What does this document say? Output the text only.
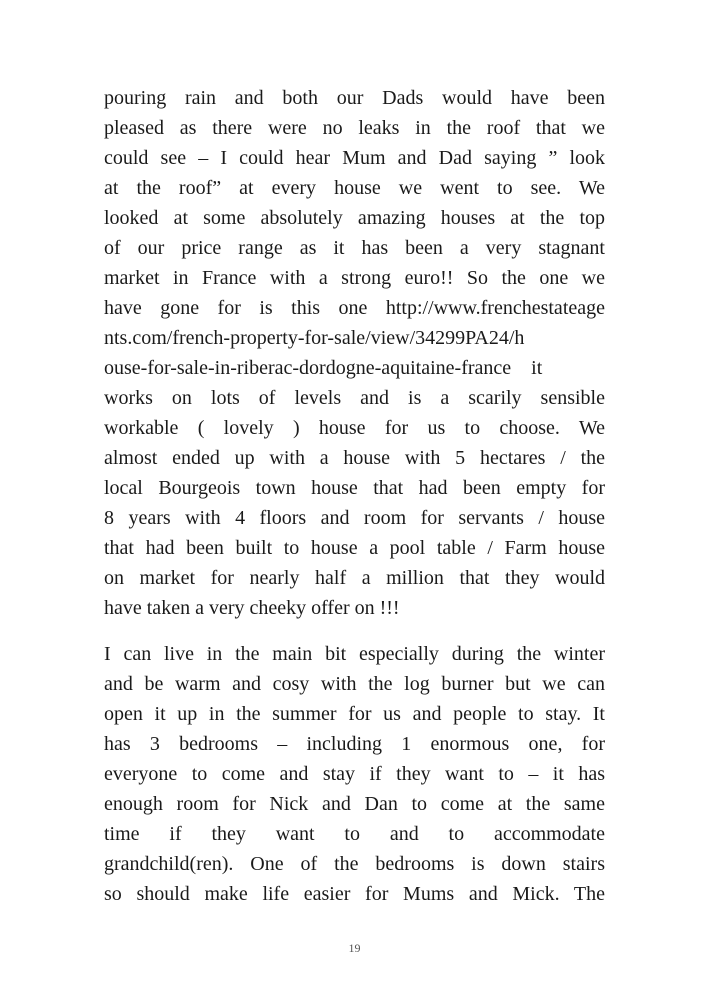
pouring rain and both our Dads would have been
pleased as there were no leaks in the roof that we
could see – I could hear Mum and Dad saying ” look
at the roof” at every house we went to see. We
looked at some absolutely amazing houses at the top
of our price range as it has been a very stagnant
market in France with a strong euro!! So the one we
have gone for is this one http://www.frenchestateage
nts.com/french-property-for-sale/view/34299PA24/h
ouse-for-sale-in-riberac-dordogne-aquitaine-france    it
works on lots of levels and is a scarily sensible
workable ( lovely ) house for us to choose. We
almost ended up with a house with 5 hectares / the
local Bourgeois town house that had been empty for
8 years with 4 floors and room for servants / house
that had been built to house a pool table / Farm house
on market for nearly half a million that they would
have taken a very cheeky offer on !!!
I can live in the main bit especially during the winter
and be warm and cosy with the log burner but we can
open it up in the summer for us and people to stay. It
has 3 bedrooms – including 1 enormous one, for
everyone to come and stay if they want to – it has
enough room for Nick and Dan to come at the same
time if they want to and to accommodate
grandchild(ren). One of the bedrooms is down stairs
so should make life easier for Mums and Mick. The
19
